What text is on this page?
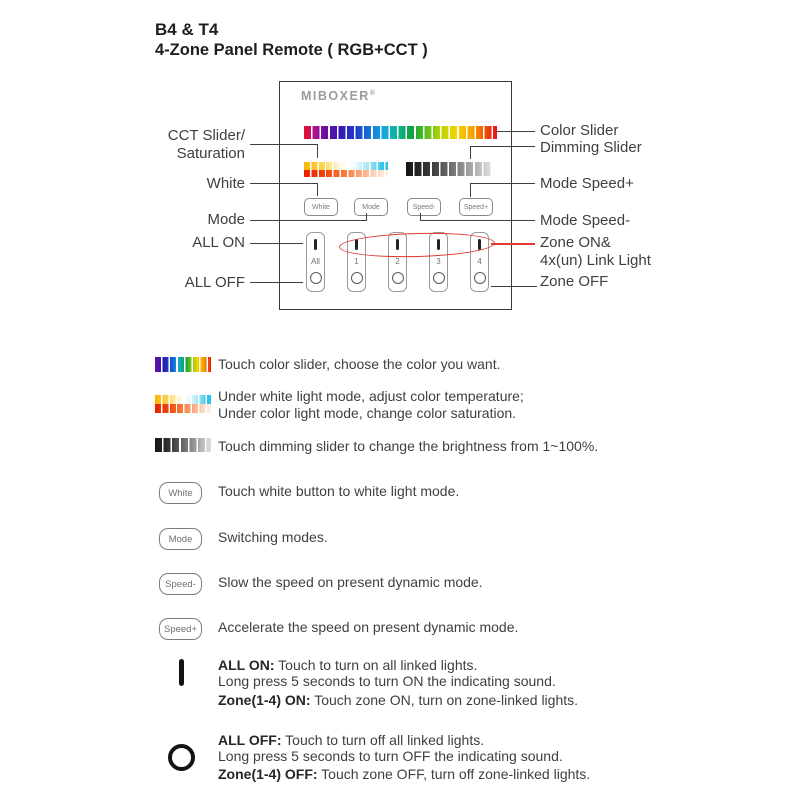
B4 & T4
4-Zone Panel Remote ( RGB+CCT )
MIBOXER®
White	Mode	Speed-	Speed+
All	1	2	3	4
CCT Slider/
Saturation
White
Mode
ALL ON
ALL OFF
Color Slider
Dimming Slider
Mode Speed+
Mode Speed-
Zone ON&
4x(un) Link Light
Zone OFF
Touch color slider, choose the color you want.
Under white light mode, adjust color temperature;
Under color light mode, change color saturation.
Touch dimming slider to change the brightness from 1~100%.
White Touch white button to white light mode.
Mode Switching modes.
Speed- Slow the speed on present dynamic mode.
Speed+ Accelerate the speed on present dynamic mode.
ALL ON: Touch to turn on all linked lights.
Long press 5 seconds to turn ON the indicating sound.
Zone(1-4) ON: Touch zone ON, turn on zone-linked lights.
ALL OFF: Touch to turn off all linked lights.
Long press 5 seconds to turn OFF the indicating sound.
Zone(1-4) OFF: Touch zone OFF, turn off zone-linked lights.
